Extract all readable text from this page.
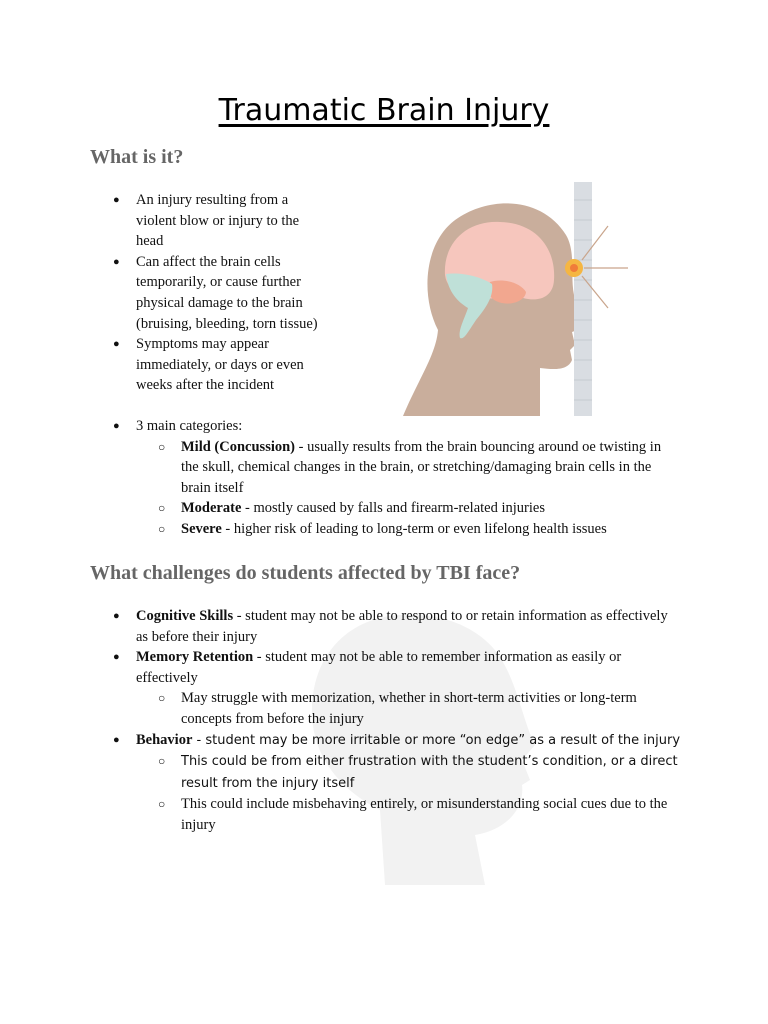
Traumatic Brain Injury
What is it?
● An injury resulting from a violent blow or injury to the head
● Can affect the brain cells temporarily, or cause further physical damage to the brain (bruising, bleeding, torn tissue)
● Symptoms may appear immediately, or days or even weeks after the incident
● 3 main categories:
○ Mild (Concussion) - usually results from the brain bouncing around oe twisting in the skull, chemical changes in the brain, or stretching/damaging brain cells in the brain itself
○ Moderate - mostly caused by falls and firearm-related injuries
○ Severe - higher risk of leading to long-term or even lifelong health issues
What challenges do students affected by TBI face?
● Cognitive Skills - student may not be able to respond to or retain information as effectively as before their injury
● Memory Retention - student may not be able to remember information as easily or effectively
○ May struggle with memorization, whether in short-term activities or long-term concepts from before the injury
● Behavior - student may be more irritable or more “on edge” as a result of the injury
○ This could be from either frustration with the student’s condition, or a direct result from the injury itself
○ This could include misbehaving entirely, or misunderstanding social cues due to the injury
